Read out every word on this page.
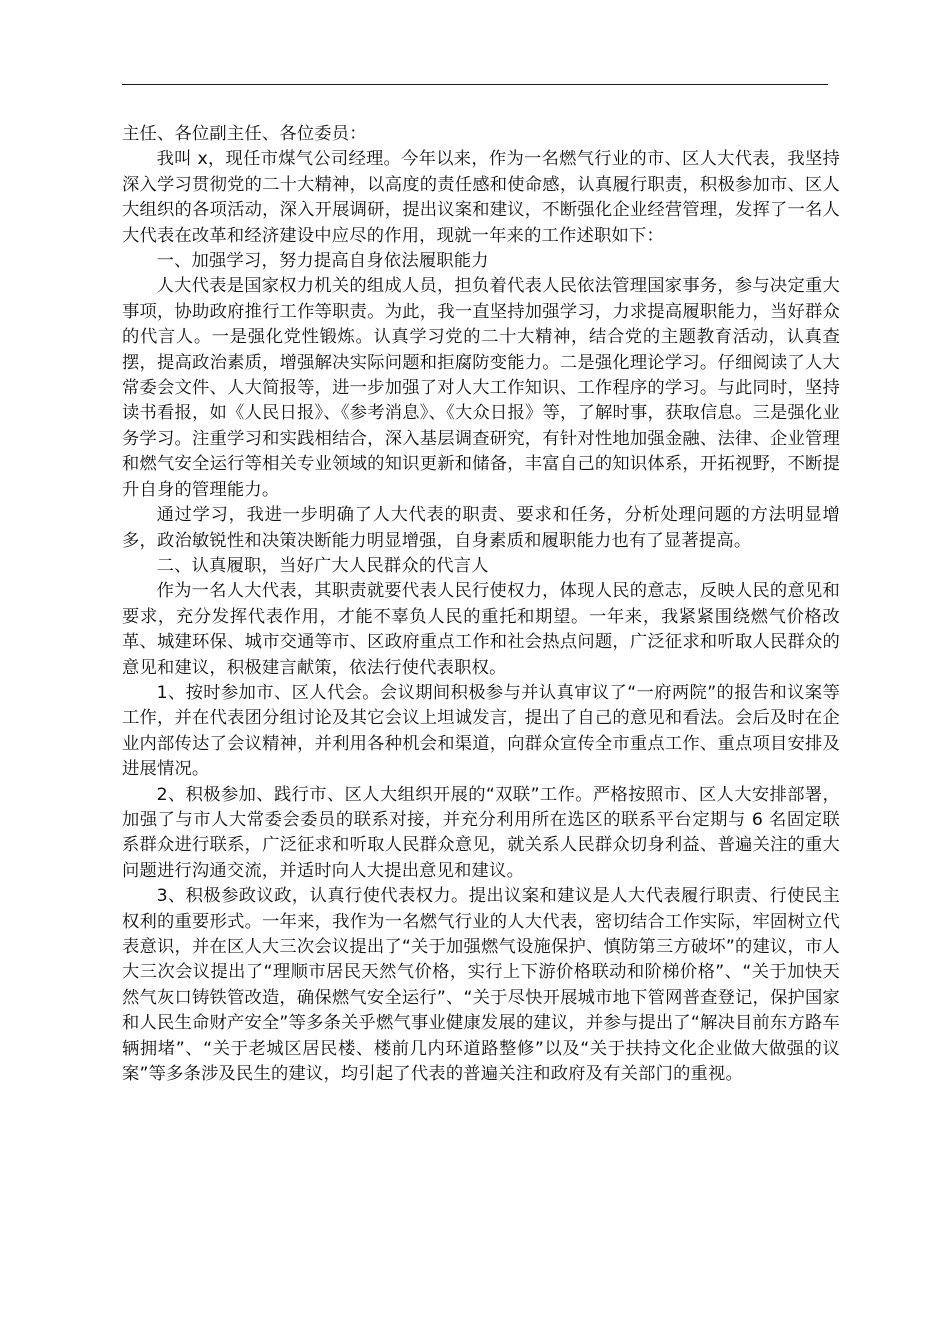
主任、各位副主任、各位委员：

我叫 x，现任市煤气公司经理。今年以来，作为一名燃气行业的市、区人大代表，我坚持深入学习贯彻党的二十大精神，以高度的责任感和使命感，认真履行职责，积极参加市、区人大组织的各项活动，深入开展调研，提出议案和建议，不断强化企业经营管理，发挥了一名人大代表在改革和经济建设中应尽的作用，现就一年来的工作述职如下：

一、加强学习，努力提高自身依法履职能力

人大代表是国家权力机关的组成人员，担负着代表人民依法管理国家事务，参与决定重大事项，协助政府推行工作等职责。为此，我一直坚持加强学习，力求提高履职能力，当好群众的代言人。一是强化党性锻炼。认真学习党的二十大精神，结合党的主题教育活动，认真查摆，提高政治素质，增强解决实际问题和拒腐防变能力。二是强化理论学习。仔细阅读了人大常委会文件、人大简报等，进一步加强了对人大工作知识、工作程序的学习。与此同时，坚持读书看报，如《人民日报》、《参考消息》、《大众日报》等，了解时事，获取信息。三是强化业务学习。注重学习和实践相结合，深入基层调查研究，有针对性地加强金融、法律、企业管理和燃气安全运行等相关专业领域的知识更新和储备，丰富自己的知识体系，开拓视野，不断提升自身的管理能力。

通过学习，我进一步明确了人大代表的职责、要求和任务，分析处理问题的方法明显增多，政治敏锐性和决策决断能力明显增强，自身素质和履职能力也有了显著提高。

二、认真履职，当好广大人民群众的代言人

作为一名人大代表，其职责就要代表人民行使权力，体现人民的意志，反映人民的意见和要求，充分发挥代表作用，才能不辜负人民的重托和期望。一年来，我紧紧围绕燃气价格改革、城建环保、城市交通等市、区政府重点工作和社会热点问题，广泛征求和听取人民群众的意见和建议，积极建言献策，依法行使代表职权。

1、按时参加市、区人代会。会议期间积极参与并认真审议了“一府两院”的报告和议案等工作，并在代表团分组讨论及其它会议上坦诚发言，提出了自己的意见和看法。会后及时在企业内部传达了会议精神，并利用各种机会和渠道，向群众宣传全市重点工作、重点项目安排及进展情况。

2、积极参加、践行市、区人大组织开展的“双联”工作。严格按照市、区人大安排部署，加强了与市人大常委会委员的联系对接，并充分利用所在选区的联系平台定期与 6 名固定联系群众进行联系，广泛征求和听取人民群众意见，就关系人民群众切身利益、普遍关注的重大问题进行沟通交流，并适时向人大提出意见和建议。

3、积极参政议政，认真行使代表权力。提出议案和建议是人大代表履行职责、行使民主权利的重要形式。一年来，我作为一名燃气行业的人大代表，密切结合工作实际，牢固树立代表意识，并在区人大三次会议提出了“关于加强燃气设施保护、慎防第三方破坏”的建议，市人大三次会议提出了“理顺市居民天然气价格，实行上下游价格联动和阶梯价格”、“关于加快天然气灰口铸铁管改造，确保燃气安全运行”、“关于尽快开展城市地下管网普查登记，保护国家和人民生命财产安全”等多条关乎燃气事业健康发展的建议，并参与提出了“解决目前东方路车辆拥堵”、“关于老城区居民楼、楼前几内环道路整修”以及“关于扶持文化企业做大做强的议案”等多条涉及民生的建议，均引起了代表的普遍关注和政府及有关部门的重视。
